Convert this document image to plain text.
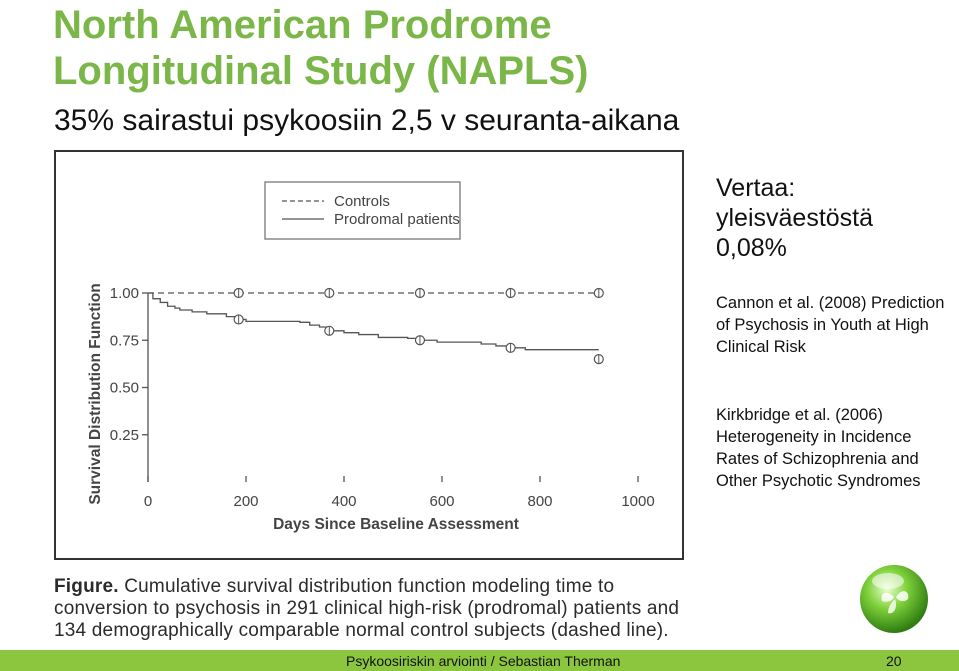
North American Prodrome Longitudinal Study (NAPLS)
35% sairastui psykoosiin 2,5 v seuranta-aikana
Controls
Prodromal patients
0.25
0.50
0.75
1.00
0	200	400	600	800	1000
Survival Distribution Function
Days Since Baseline Assessment
Figure. Cumulative survival distribution function modeling time to conversion to psychosis in 291 clinical high-risk (prodromal) patients and 134 demographically comparable normal control subjects (dashed line).
Vertaa:
yleisväestöstä
0,08%
Cannon et al. (2008) Prediction of Psychosis in Youth at High Clinical Risk
Kirkbridge et al. (2006) Heterogeneity in Incidence Rates of Schizophrenia and Other Psychotic Syndromes
Psykoosiriskin arviointi / Sebastian Therman	20
